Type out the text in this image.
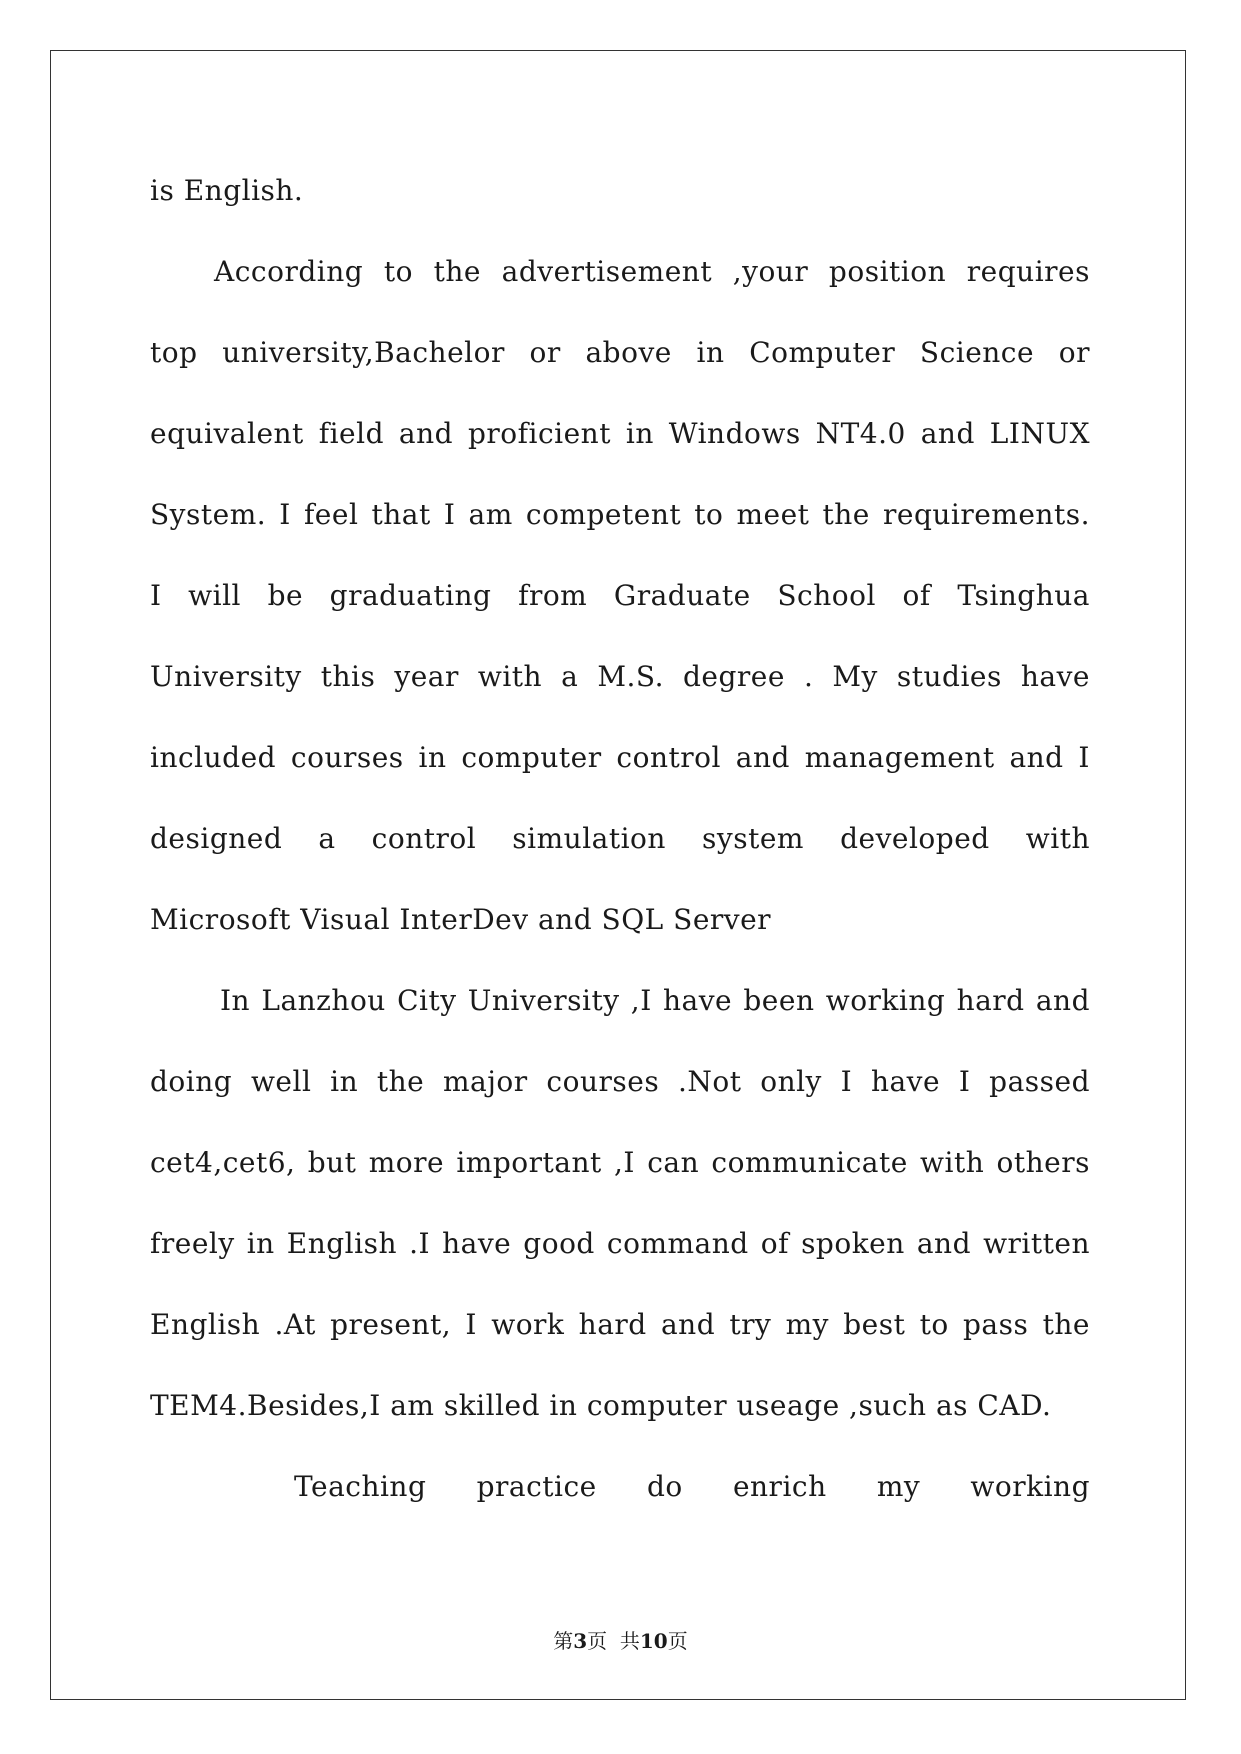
is English.
According to the advertisement ,your position requires
top university,Bachelor or above in Computer Science or
equivalent field and proficient in Windows NT4.0 and LINUX
System. I feel that I am competent to meet the requirements.
I will be graduating from Graduate School of Tsinghua
University this year with a M.S. degree . My studies have
included courses in computer control and management and I
designed a control simulation system developed with
Microsoft Visual InterDev and SQL Server
In Lanzhou City University ,I have been working hard and
doing well in the major courses .Not only I have I passed
cet4,cet6, but more important ,I can communicate with others
freely in English .I have good command of spoken and written
English .At present, I work hard and try my best to pass the
TEM4.Besides,I am skilled in computer useage ,such as CAD.
Teaching practice do enrich my working
第3页  共10页
